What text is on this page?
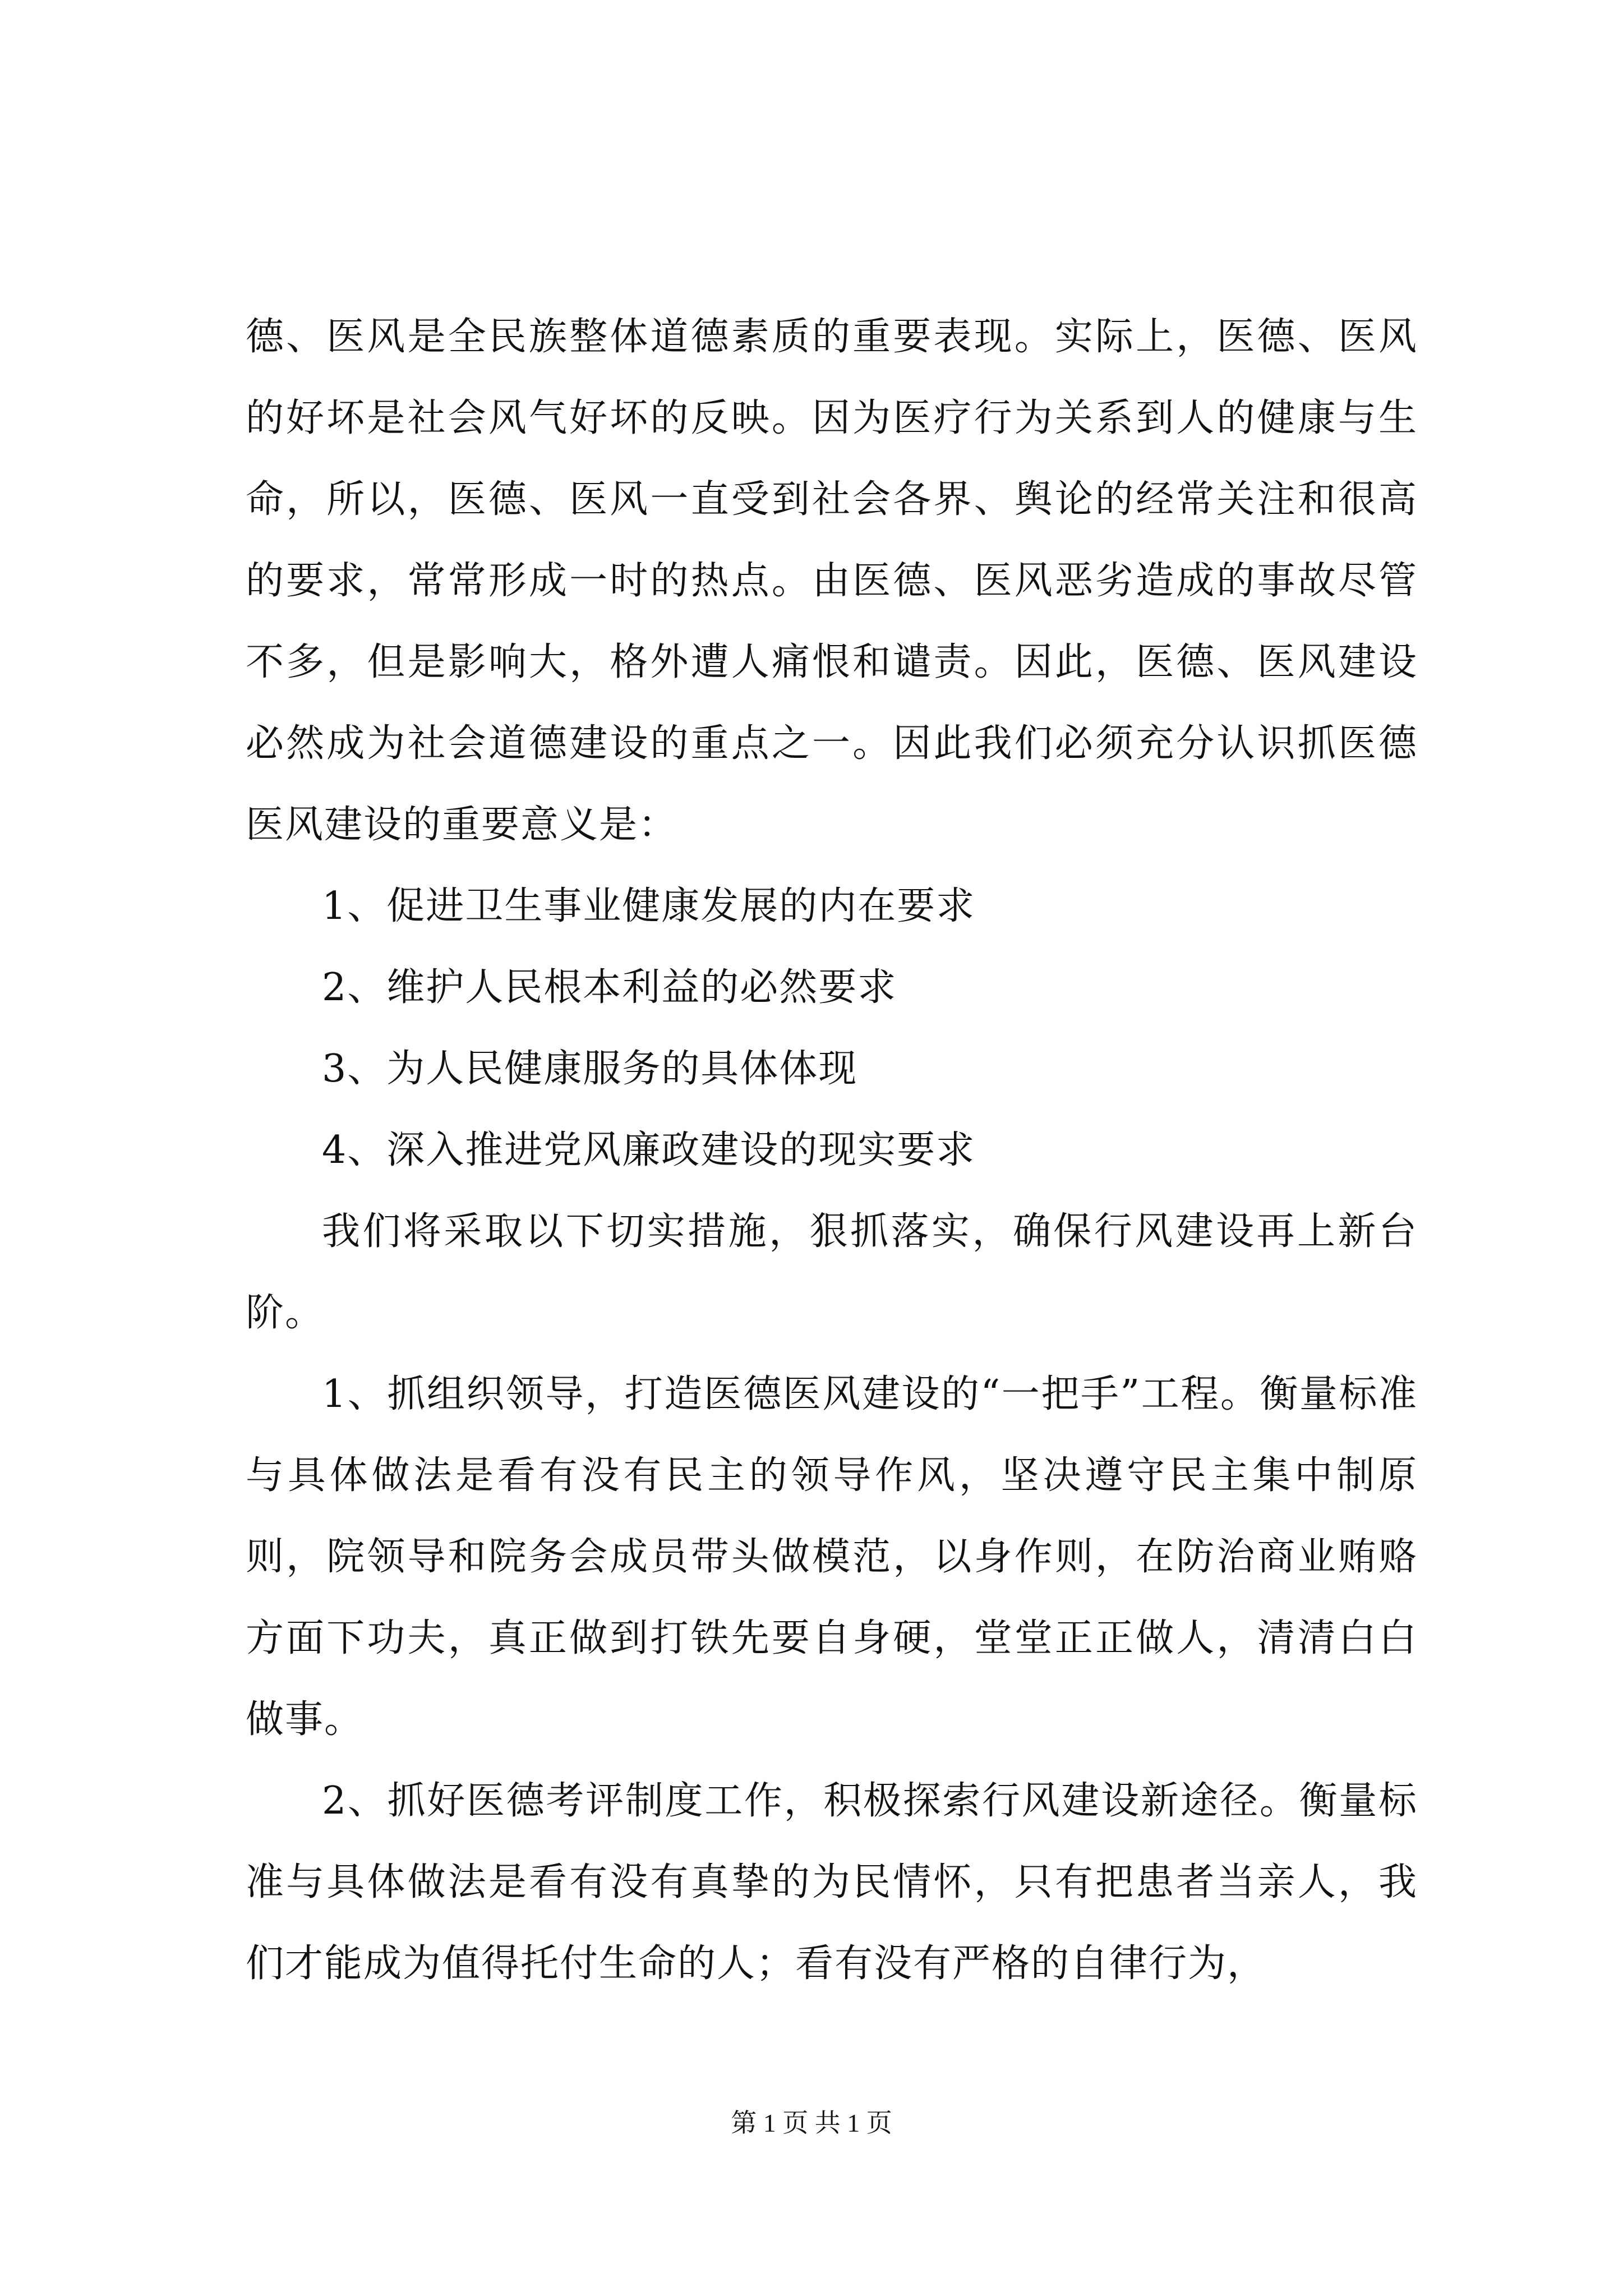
德、医风是全民族整体道德素质的重要表现。实际上，医德、医风的好坏是社会风气好坏的反映。因为医疗行为关系到人的健康与生命，所以，医德、医风一直受到社会各界、舆论的经常关注和很高的要求，常常形成一时的热点。由医德、医风恶劣造成的事故尽管不多，但是影响大，格外遭人痛恨和谴责。因此，医德、医风建设必然成为社会道德建设的重点之一。因此我们必须充分认识抓医德医风建设的重要意义是：

1、促进卫生事业健康发展的内在要求

2、维护人民根本利益的必然要求

3、为人民健康服务的具体体现

4、深入推进党风廉政建设的现实要求

我们将采取以下切实措施，狠抓落实，确保行风建设再上新台阶。

1、抓组织领导，打造医德医风建设的“一把手”工程。衡量标准与具体做法是看有没有民主的领导作风，坚决遵守民主集中制原则，院领导和院务会成员带头做模范，以身作则，在防治商业贿赂方面下功夫，真正做到打铁先要自身硬，堂堂正正做人，清清白白做事。

2、抓好医德考评制度工作，积极探索行风建设新途径。衡量标准与具体做法是看有没有真挚的为民情怀，只有把患者当亲人，我们才能成为值得托付生命的人；看有没有严格的自律行为，

第 1 页 共 1 页
